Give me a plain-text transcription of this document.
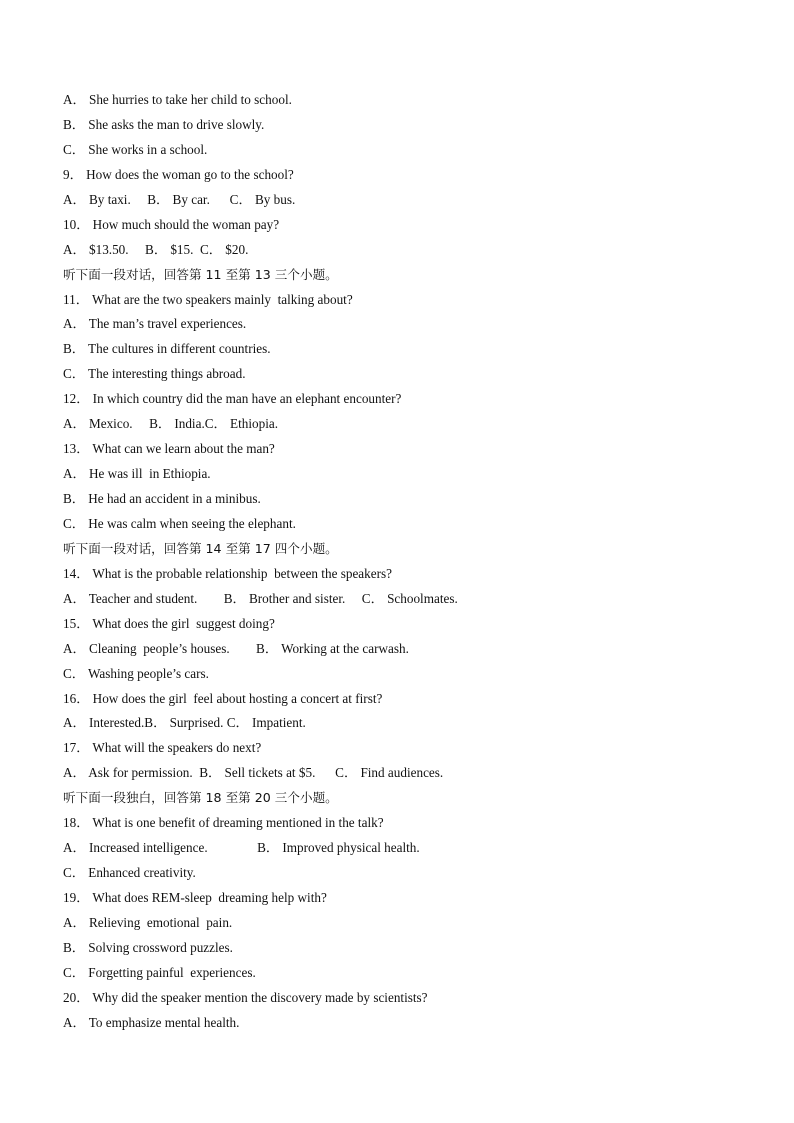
A． She hurries to take her child to school.
B． She asks the man to drive slowly.
C． She works in a school.
9． How does the woman go to the school?
A． By taxi.     B． By car.      C． By bus.
10． How much should the woman pay?
A． $13.50.     B． $15.  C． $20.
听下面一段对话，回答第 11 至第 13 三个小题。
11． What are the two speakers mainly  talking about?
A． The man’s travel experiences.
B． The cultures in different countries.
C． The interesting things abroad.
12． In which country did the man have an elephant encounter?
A． Mexico.     B． India.C． Ethiopia.
13． What can we learn about the man?
A． He was ill  in Ethiopia.
B． He had an accident in a minibus.
C． He was calm when seeing the elephant.
听下面一段对话，回答第 14 至第 17 四个小题。
14． What is the probable relationship  between the speakers?
A． Teacher and student.        B． Brother and sister.     C． Schoolmates.
15． What does the girl  suggest doing?
A． Cleaning  people’s houses.        B． Working at the carwash.
C． Washing people’s cars.
16． How does the girl  feel about hosting a concert at first?
A． Interested.B． Surprised. C． Impatient.
17． What will the speakers do next?
A． Ask for permission.  B． Sell tickets at $5.      C． Find audiences.
听下面一段独白，回答第 18 至第 20 三个小题。
18． What is one benefit of dreaming mentioned in the talk?
A． Increased intelligence.               B． Improved physical health.
C． Enhanced creativity.
19． What does REM-sleep  dreaming help with?
A． Relieving  emotional  pain.
B． Solving crossword puzzles.
C． Forgetting painful  experiences.
20． Why did the speaker mention the discovery made by scientists?
A． To emphasize mental health.
